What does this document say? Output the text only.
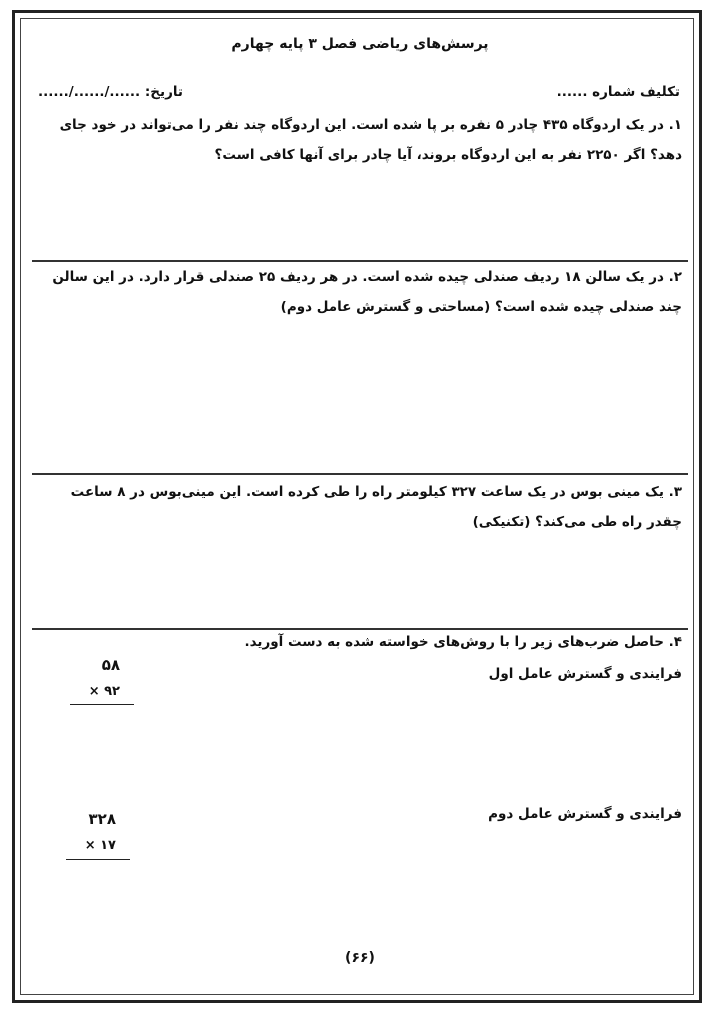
پرسش‌های ریاضی فصل ۳ پایه چهارم
تکلیف شماره ......
تاریخ: ....../....../......
۱. در یک اردوگاه ۴۳۵ چادر ۵ نفره بر پا شده است. این اردوگاه چند نفر را می‌تواند در خود جای دهد؟ اگر ۲۲۵۰ نفر به این اردوگاه بروند، آیا چادر برای آنها کافی است؟
۲. در یک سالن ۱۸ ردیف صندلی چیده شده است. در هر ردیف ۲۵ صندلی قرار دارد. در این سالن چند صندلی چیده شده است؟ (مساحتی و گسترش عامل دوم)
۳. یک مینی بوس در یک ساعت ۳۲۷ کیلومتر راه را طی کرده است. این مینی‌بوس در ۸ ساعت چقدر راه طی می‌کند؟ (تکنیکی)
۴. حاصل ضرب‌های زیر را با روش‌های خواسته شده به دست آورید.
فرایندی و گسترش عامل اول
۵۸
× ۹۲
فرایندی و گسترش عامل دوم
۳۲۸
× ۱۷
(۶۶)
